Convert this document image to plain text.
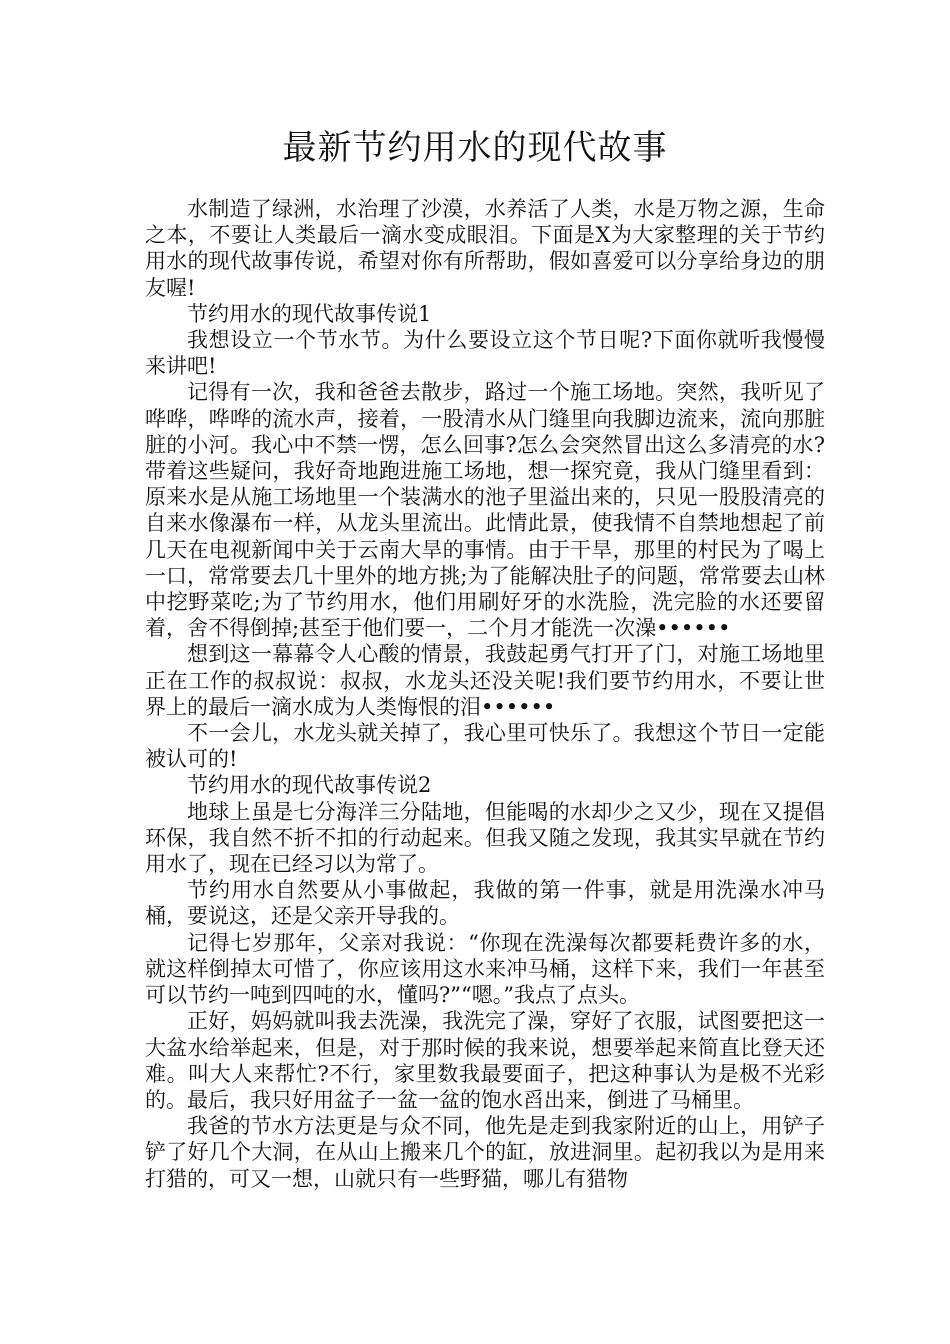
最新节约用水的现代故事

水制造了绿洲，水治理了沙漠，水养活了人类，水是万物之源，生命之本，不要让人类最后一滴水变成眼泪。下面是X为大家整理的关于节约用水的现代故事传说，希望对你有所帮助，假如喜爱可以分享给身边的朋友喔!

节约用水的现代故事传说1

我想设立一个节水节。为什么要设立这个节日呢?下面你就听我慢慢来讲吧!

记得有一次，我和爸爸去散步，路过一个施工场地。突然，我听见了哗哗，哗哗的流水声，接着，一股清水从门缝里向我脚边流来，流向那脏脏的小河。我心中不禁一愣，怎么回事?怎么会突然冒出这么多清亮的水?带着这些疑问，我好奇地跑进施工场地，想一探究竟，我从门缝里看到：原来水是从施工场地里一个装满水的池子里溢出来的，只见一股股清亮的自来水像瀑布一样，从龙头里流出。此情此景，使我情不自禁地想起了前几天在电视新闻中关于云南大旱的事情。由于干旱，那里的村民为了喝上一口，常常要去几十里外的地方挑;为了能解决肚子的问题，常常要去山林中挖野菜吃;为了节约用水，他们用刷好牙的水洗脸，洗完脸的水还要留着，舍不得倒掉;甚至于他们要一，二个月才能洗一次澡••••••

想到这一幕幕令人心酸的情景，我鼓起勇气打开了门，对施工场地里正在工作的叔叔说：叔叔，水龙头还没关呢!我们要节约用水，不要让世界上的最后一滴水成为人类悔恨的泪••••••

不一会儿，水龙头就关掉了，我心里可快乐了。我想这个节日一定能被认可的!

节约用水的现代故事传说2

地球上虽是七分海洋三分陆地，但能喝的水却少之又少，现在又提倡环保，我自然不折不扣的行动起来。但我又随之发现，我其实早就在节约用水了，现在已经习以为常了。

节约用水自然要从小事做起，我做的第一件事，就是用洗澡水冲马桶，要说这，还是父亲开导我的。

记得七岁那年，父亲对我说：“你现在洗澡每次都要耗费许多的水，就这样倒掉太可惜了，你应该用这水来冲马桶，这样下来，我们一年甚至可以节约一吨到四吨的水，懂吗?”“嗯。”我点了点头。

正好，妈妈就叫我去洗澡，我洗完了澡，穿好了衣服，试图要把这一大盆水给举起来，但是，对于那时候的我来说，想要举起来简直比登天还难。叫大人来帮忙?不行，家里数我最要面子，把这种事认为是极不光彩的。最后，我只好用盆子一盆一盆的饱水舀出来，倒进了马桶里。

我爸的节水方法更是与众不同，他先是走到我家附近的山上，用铲子铲了好几个大洞，在从山上搬来几个的缸，放进洞里。起初我以为是用来打猎的，可又一想，山就只有一些野猫，哪儿有猎物
